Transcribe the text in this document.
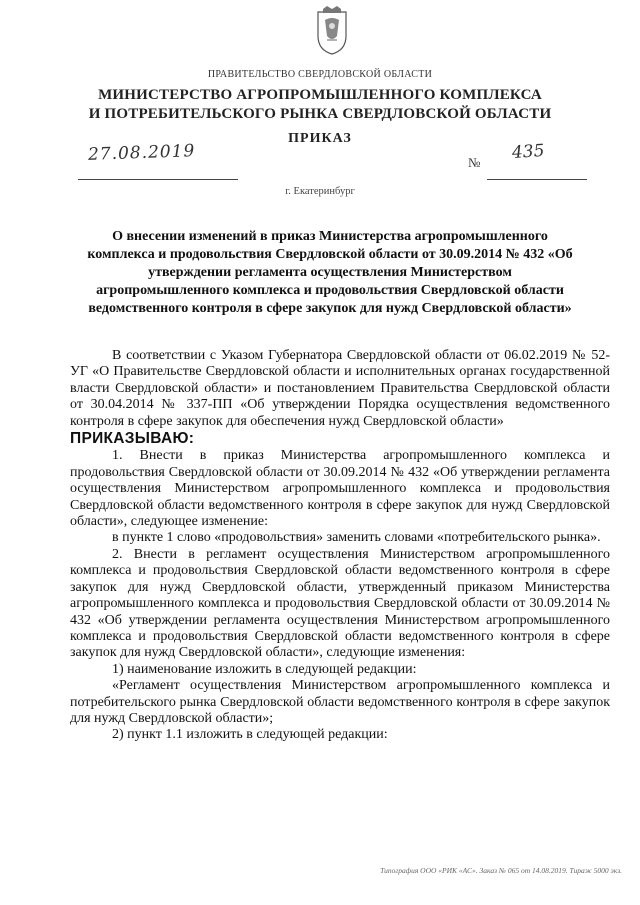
ПРАВИТЕЛЬСТВО СВЕРДЛОВСКОЙ ОБЛАСТИ
МИНИСТЕРСТВО АГРОПРОМЫШЛЕННОГО КОМПЛЕКСА
И ПОТРЕБИТЕЛЬСКОГО РЫНКА СВЕРДЛОВСКОЙ ОБЛАСТИ
ПРИКАЗ
27.08.2019	№ 435
г. Екатеринбург
О внесении изменений в приказ Министерства агропромышленного комплекса и продовольствия Свердловской области от 30.09.2014 № 432 «Об утверждении регламента осуществления Министерством агропромышленного комплекса и продовольствия Свердловской области ведомственного контроля в сфере закупок для нужд Свердловской области»

В соответствии с Указом Губернатора Свердловской области от 06.02.2019 № 52-УГ «О Правительстве Свердловской области и исполнительных органах государственной власти Свердловской области» и постановлением Правительства Свердловской области от 30.04.2014 № 337-ПП «Об утверждении Порядка осуществления ведомственного контроля в сфере закупок для обеспечения нужд Свердловской области»

ПРИКАЗЫВАЮ:

1. Внести в приказ Министерства агропромышленного комплекса и продовольствия Свердловской области от 30.09.2014 № 432 «Об утверждении регламента осуществления Министерством агропромышленного комплекса и продовольствия Свердловской области ведомственного контроля в сфере закупок для нужд Свердловской области», следующее изменение:

в пункте 1 слово «продовольствия» заменить словами «потребительского рынка».

2. Внести в регламент осуществления Министерством агропромышленного комплекса и продовольствия Свердловской области ведомственного контроля в сфере закупок для нужд Свердловской области, утвержденный приказом Министерства агропромышленного комплекса и продовольствия Свердловской области от 30.09.2014 № 432 «Об утверждении регламента осуществления Министерством агропромышленного комплекса и продовольствия Свердловской области ведомственного контроля в сфере закупок для нужд Свердловской области», следующие изменения:

1) наименование изложить в следующей редакции:

«Регламент осуществления Министерством агропромышленного комплекса и потребительского рынка Свердловской области ведомственного контроля в сфере закупок для нужд Свердловской области»;

2) пункт 1.1 изложить в следующей редакции:

Типография ООО «РИК «АС». Заказ № 065 от 14.08.2019. Тираж 5000 экз.
